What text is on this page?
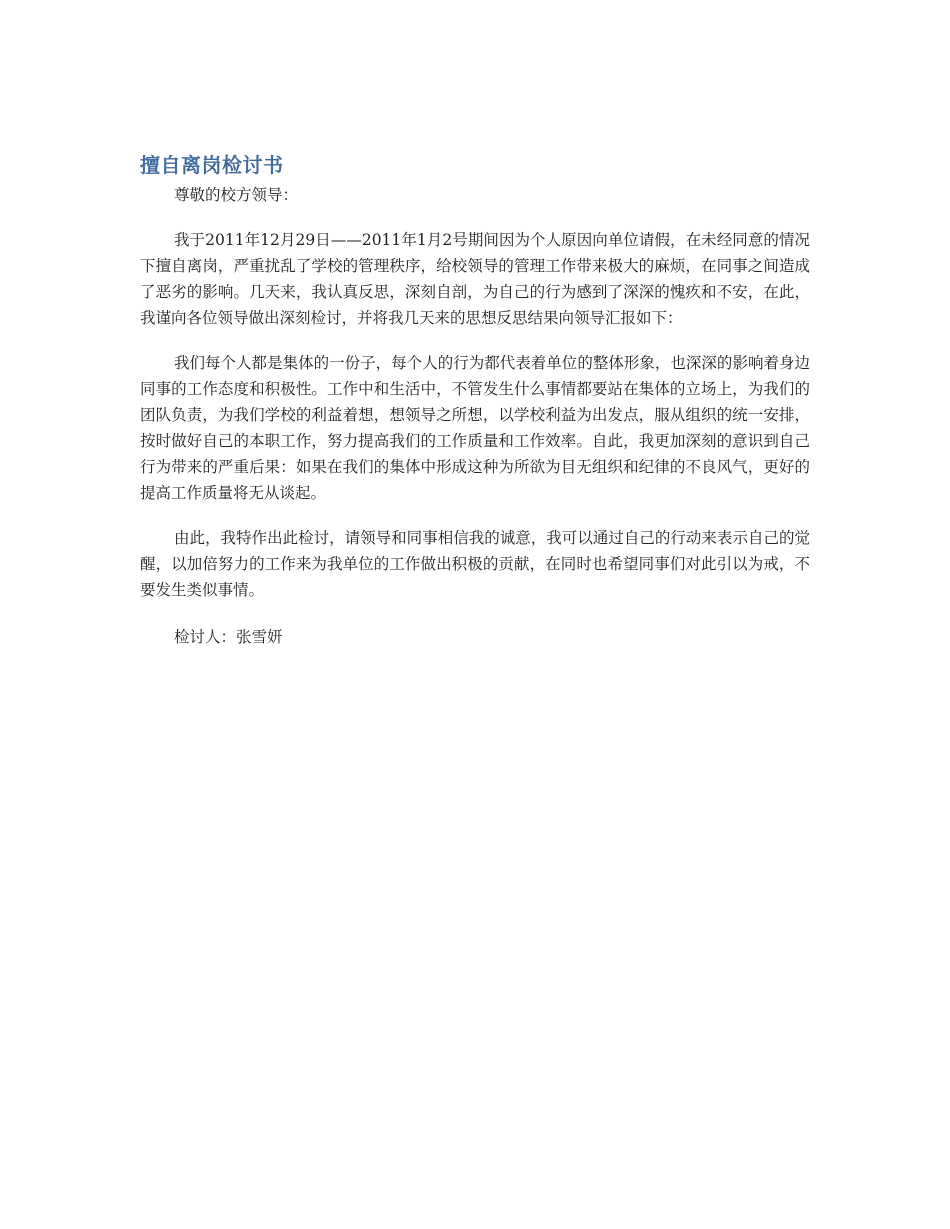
擅自离岗检讨书

尊敬的校方领导：

我于2011年12月29日——2011年1月2号期间因为个人原因向单位请假，在未经同意的情况下擅自离岗，严重扰乱了学校的管理秩序，给校领导的管理工作带来极大的麻烦，在同事之间造成了恶劣的影响。几天来，我认真反思，深刻自剖，为自己的行为感到了深深的愧疚和不安，在此，我谨向各位领导做出深刻检讨，并将我几天来的思想反思结果向领导汇报如下：

我们每个人都是集体的一份子，每个人的行为都代表着单位的整体形象，也深深的影响着身边同事的工作态度和积极性。工作中和生活中，不管发生什么事情都要站在集体的立场上，为我们的团队负责，为我们学校的利益着想，想领导之所想，以学校利益为出发点，服从组织的统一安排，按时做好自己的本职工作，努力提高我们的工作质量和工作效率。自此，我更加深刻的意识到自己行为带来的严重后果：如果在我们的集体中形成这种为所欲为目无组织和纪律的不良风气，更好的提高工作质量将无从谈起。

由此，我特作出此检讨，请领导和同事相信我的诚意，我可以通过自己的行动来表示自己的觉醒，以加倍努力的工作来为我单位的工作做出积极的贡献，在同时也希望同事们对此引以为戒，不要发生类似事情。

检讨人：张雪妍
